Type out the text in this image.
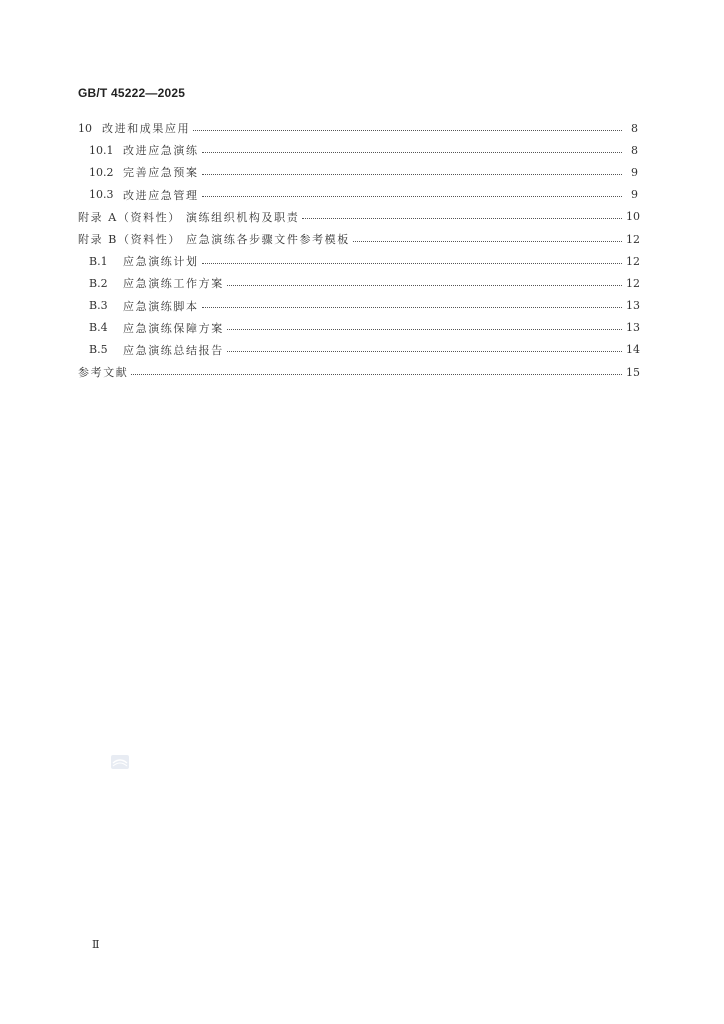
GB/T 45222—2025
10 改进和成果应用	8
10.1 改进应急演练	8
10.2 完善应急预案	9
10.3 改进应急管理	9
附录 A（资料性） 演练组织机构及职责	10
附录 B（资料性） 应急演练各步骤文件参考模板	12
B.1	应急演练计划	12
B.2	应急演练工作方案	12
B.3	应急演练脚本	13
B.4	应急演练保障方案	13
B.5	应急演练总结报告	14
参考文献	15
Ⅱ
